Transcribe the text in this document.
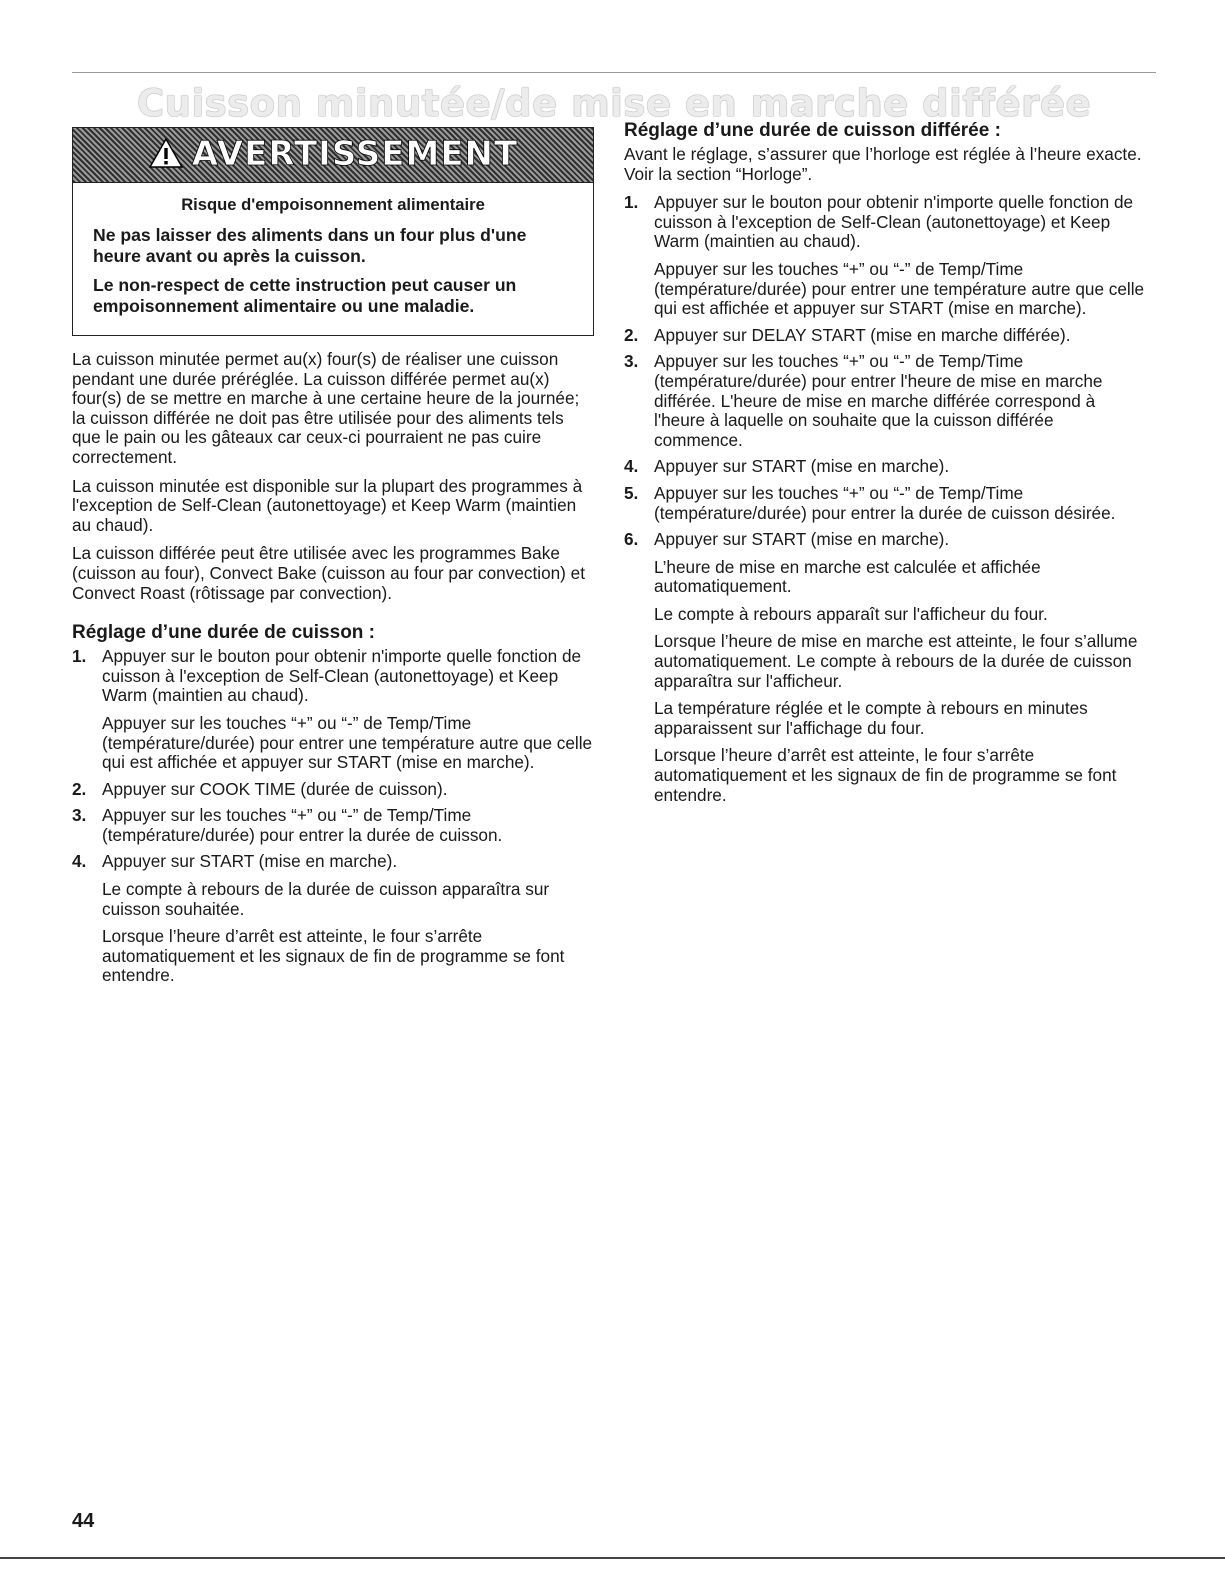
Cuisson minutée/de mise en marche différée
AVERTISSEMENT
Risque d'empoisonnement alimentaire

Ne pas laisser des aliments dans un four plus d'une heure avant ou après la cuisson.

Le non-respect de cette instruction peut causer un empoisonnement alimentaire ou une maladie.

La cuisson minutée permet au(x) four(s) de réaliser une cuisson pendant une durée préréglée. La cuisson différée permet au(x) four(s) de se mettre en marche à une certaine heure de la journée; la cuisson différée ne doit pas être utilisée pour des aliments tels que le pain ou les gâteaux car ceux-ci pourraient ne pas cuire correctement.

La cuisson minutée est disponible sur la plupart des programmes à l'exception de Self-Clean (autonettoyage) et Keep Warm (maintien au chaud).

La cuisson différée peut être utilisée avec les programmes Bake (cuisson au four), Convect Bake (cuisson au four par convection) et Convect Roast (rôtissage par convection).

Réglage d’une durée de cuisson :
1. Appuyer sur le bouton pour obtenir n'importe quelle fonction de cuisson à l'exception de Self-Clean (autonettoyage) et Keep Warm (maintien au chaud).

Appuyer sur les touches “+” ou “-” de Temp/Time (température/durée) pour entrer une température autre que celle qui est affichée et appuyer sur START (mise en marche).

2. Appuyer sur COOK TIME (durée de cuisson).

3. Appuyer sur les touches “+” ou “-” de Temp/Time (température/durée) pour entrer la durée de cuisson.

4. Appuyer sur START (mise en marche).

Le compte à rebours de la durée de cuisson apparaîtra sur cuisson souhaitée.

Lorsque l’heure d’arrêt est atteinte, le four s’arrête automatiquement et les signaux de fin de programme se font entendre.

Réglage d’une durée de cuisson différée :

Avant le réglage, s’assurer que l’horloge est réglée à l’heure exacte. Voir la section “Horloge”.

1. Appuyer sur le bouton pour obtenir n'importe quelle fonction de cuisson à l'exception de Self-Clean (autonettoyage) et Keep Warm (maintien au chaud).

Appuyer sur les touches “+” ou “-” de Temp/Time (température/durée) pour entrer une température autre que celle qui est affichée et appuyer sur START (mise en marche).

2. Appuyer sur DELAY START (mise en marche différée).

3. Appuyer sur les touches “+” ou “-” de Temp/Time (température/durée) pour entrer l'heure de mise en marche différée. L'heure de mise en marche différée correspond à l'heure à laquelle on souhaite que la cuisson différée commence.

4. Appuyer sur START (mise en marche).

5. Appuyer sur les touches “+” ou “-” de Temp/Time (température/durée) pour entrer la durée de cuisson désirée.

6. Appuyer sur START (mise en marche).

L’heure de mise en marche est calculée et affichée automatiquement.

Le compte à rebours apparaît sur l'afficheur du four.

Lorsque l’heure de mise en marche est atteinte, le four s’allume automatiquement. Le compte à rebours de la durée de cuisson apparaîtra sur l'afficheur.

La température réglée et le compte à rebours en minutes apparaissent sur l'affichage du four.

Lorsque l’heure d’arrêt est atteinte, le four s’arrête automatiquement et les signaux de fin de programme se font entendre.

44
